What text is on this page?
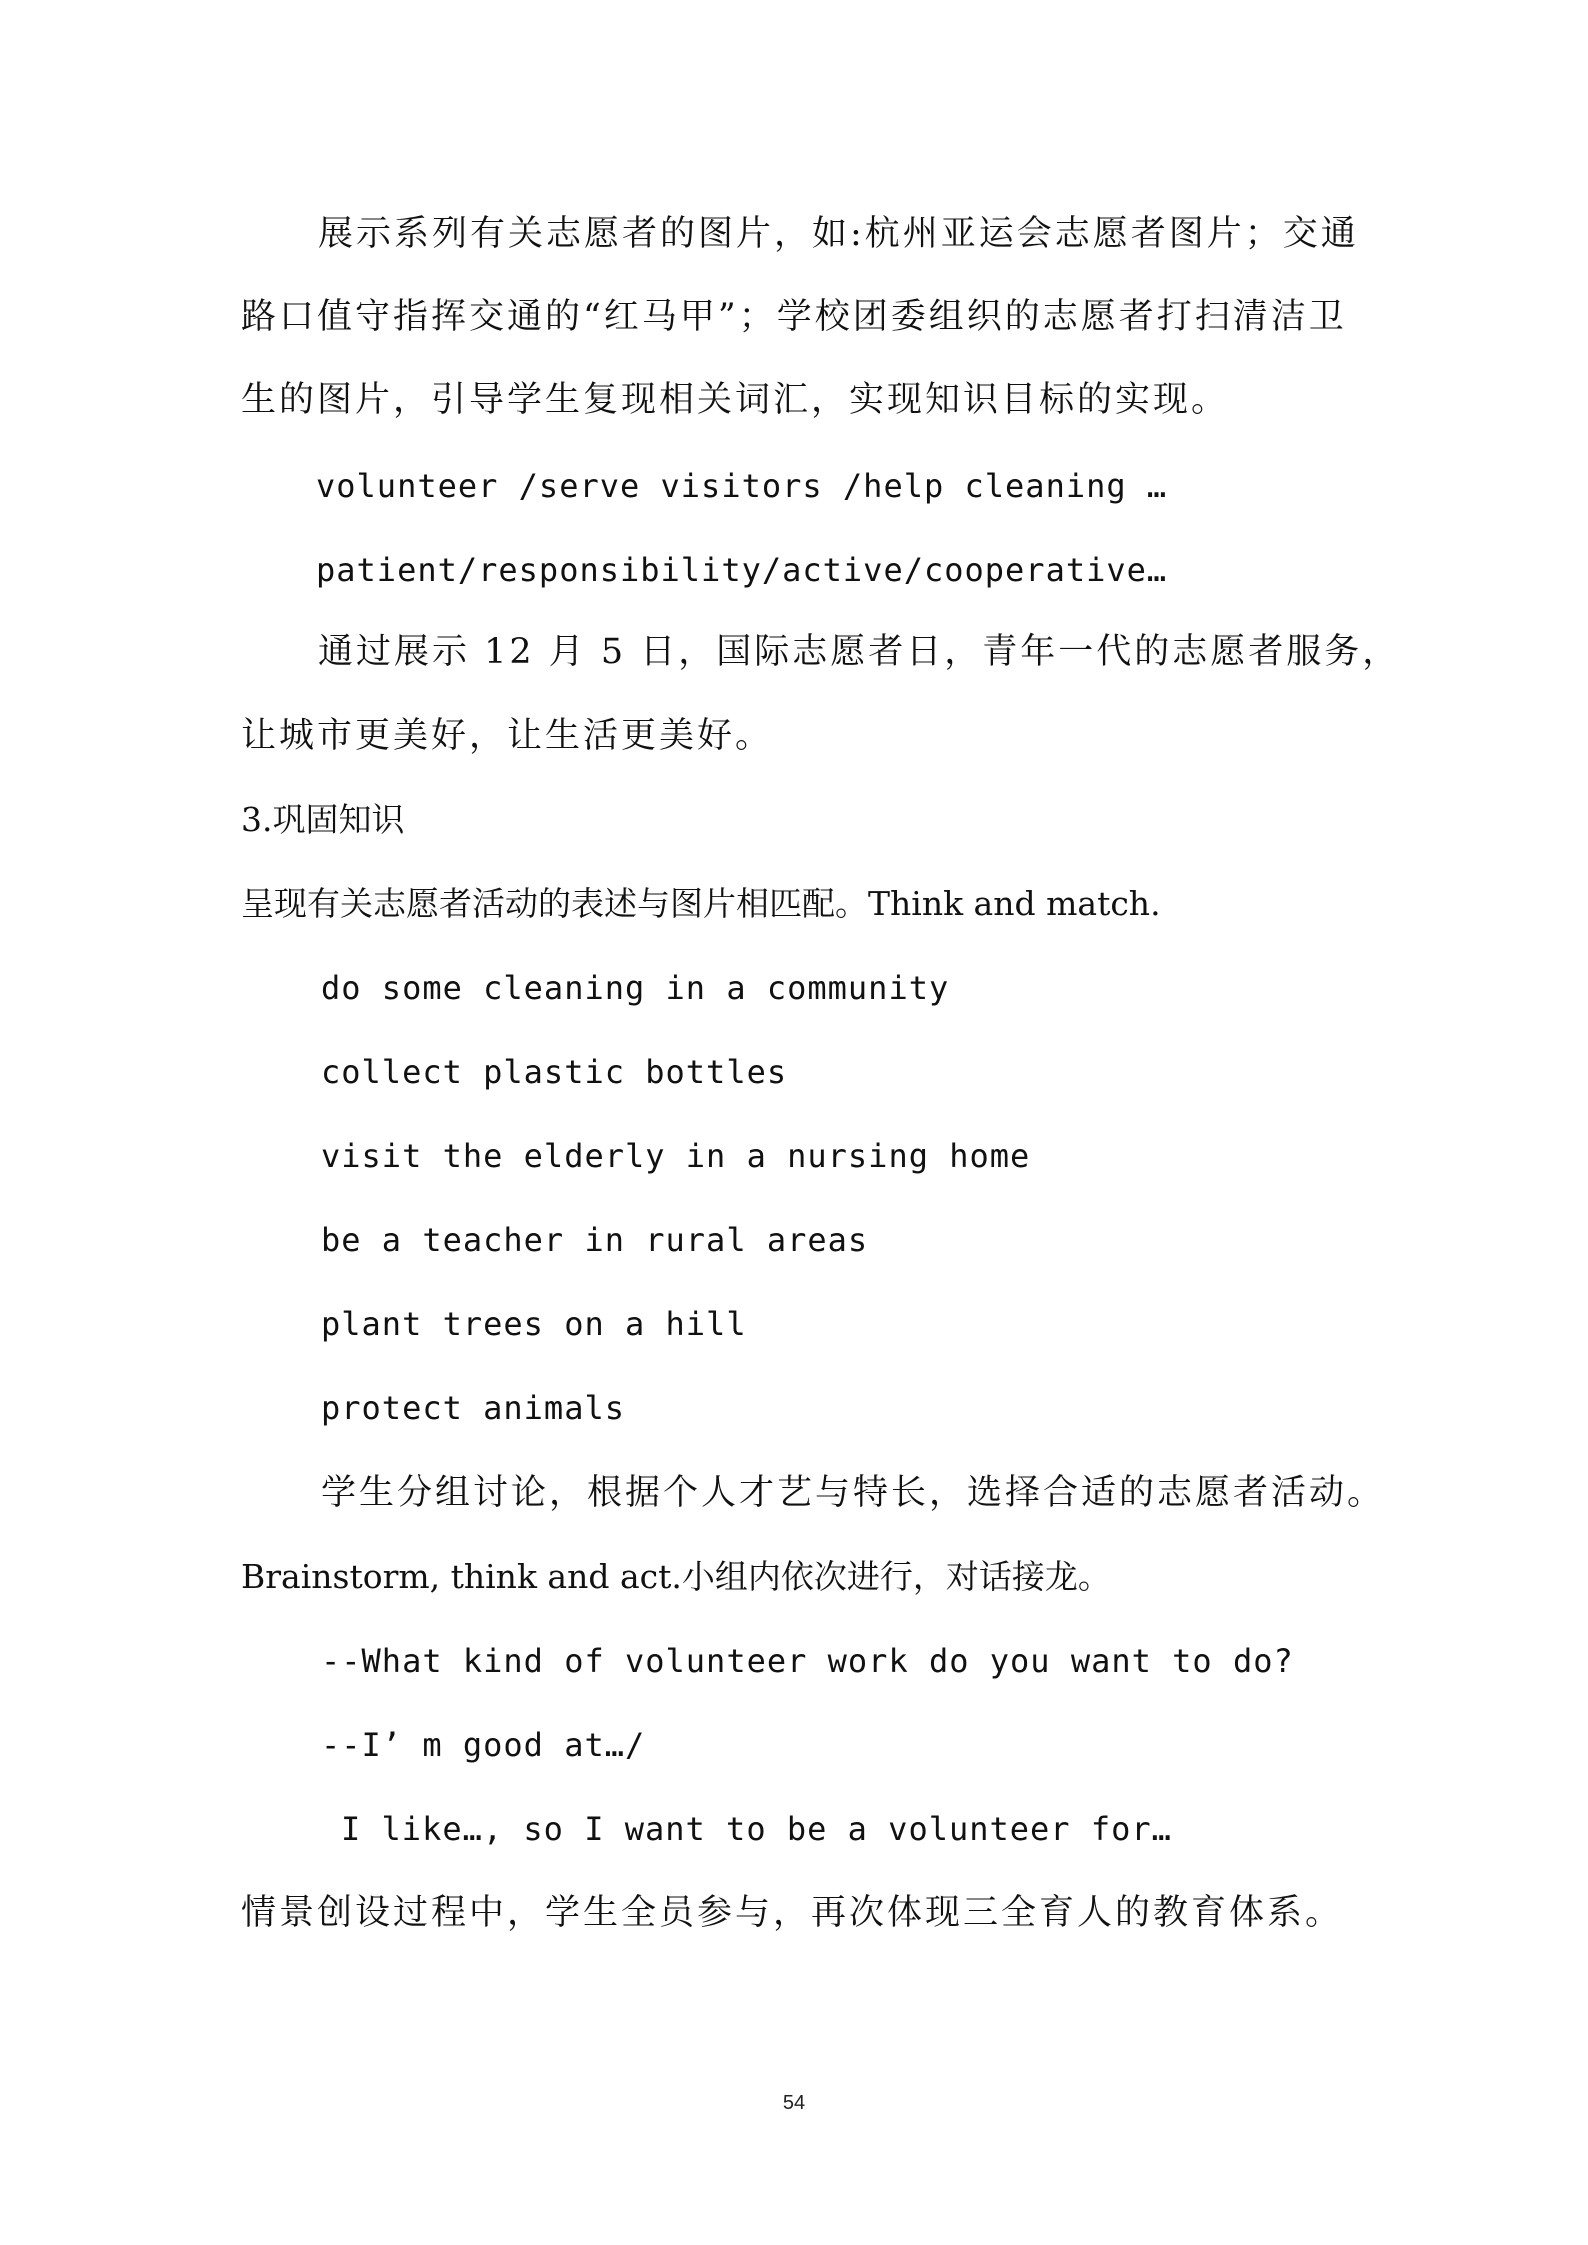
展示系列有关志愿者的图片，如:杭州亚运会志愿者图片；交通
路口值守指挥交通的“红马甲”；学校团委组织的志愿者打扫清洁卫
生的图片，引导学生复现相关词汇，实现知识目标的实现。
volunteer /serve visitors /help cleaning …
patient/responsibility/active/cooperative…
通过展示 12 月 5 日，国际志愿者日，青年一代的志愿者服务，
让城市更美好，让生活更美好。
3.巩固知识
呈现有关志愿者活动的表述与图片相匹配。Think and match.
do some cleaning in a community
collect plastic bottles
visit the elderly in a nursing home
be a teacher in rural areas
plant trees on a hill
protect animals
学生分组讨论，根据个人才艺与特长，选择合适的志愿者活动。
Brainstorm, think and act.小组内依次进行，对话接龙。
--What kind of volunteer work do you want to do?
--I’ m good at…/
I like…, so I want to be a volunteer for…
情景创设过程中，学生全员参与，再次体现三全育人的教育体系。
54
